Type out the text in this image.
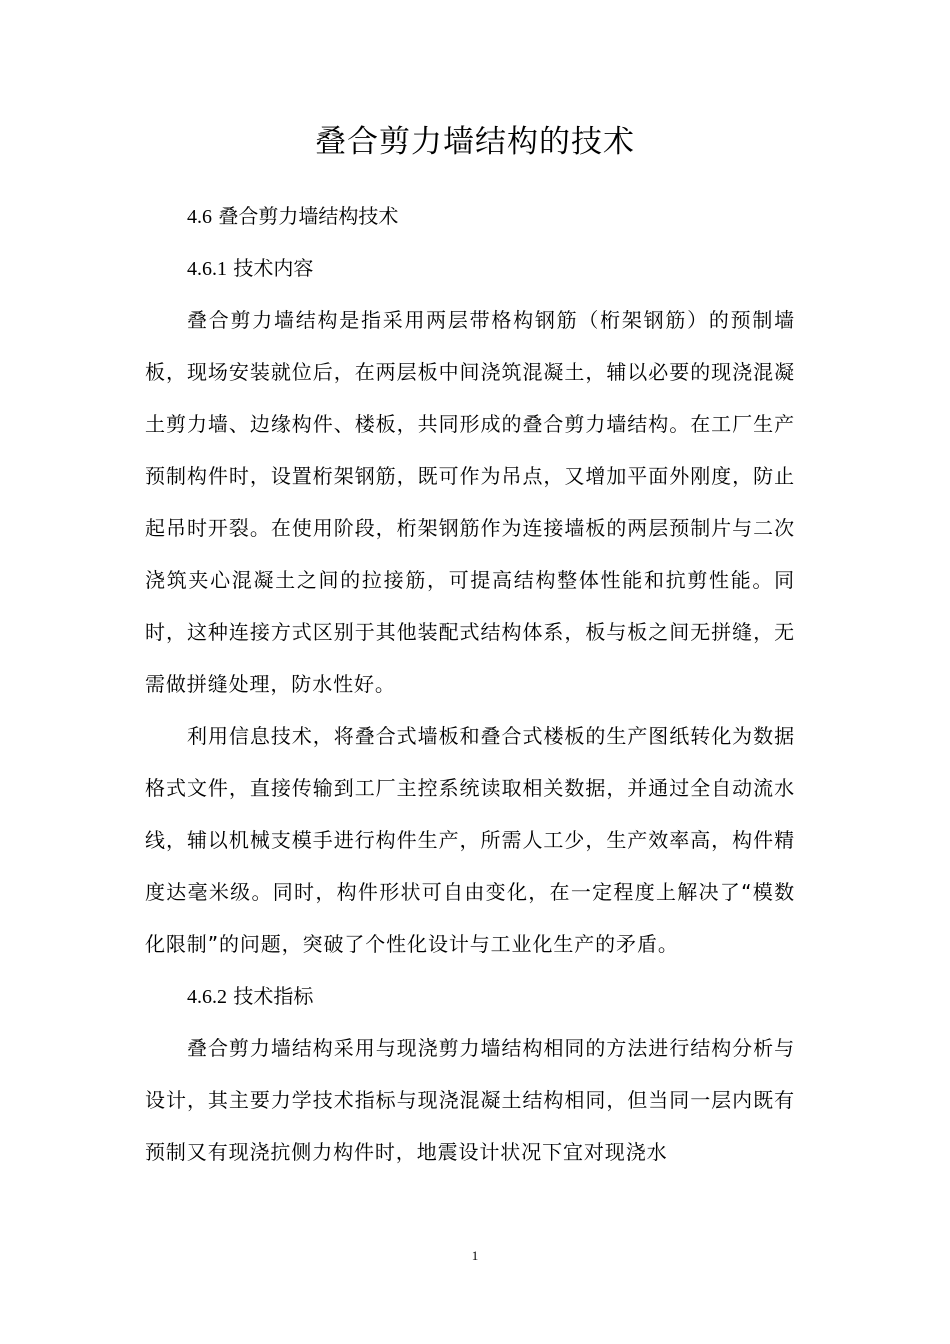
叠合剪力墙结构的技术

4.6 叠合剪力墙结构技术

4.6.1 技术内容

叠合剪力墙结构是指采用两层带格构钢筋（桁架钢筋）的预制墙板，现场安装就位后，在两层板中间浇筑混凝土，辅以必要的现浇混凝土剪力墙、边缘构件、楼板，共同形成的叠合剪力墙结构。在工厂生产预制构件时，设置桁架钢筋，既可作为吊点，又增加平面外刚度，防止起吊时开裂。在使用阶段，桁架钢筋作为连接墙板的两层预制片与二次浇筑夹心混凝土之间的拉接筋，可提高结构整体性能和抗剪性能。同时，这种连接方式区别于其他装配式结构体系，板与板之间无拼缝，无需做拼缝处理，防水性好。

利用信息技术，将叠合式墙板和叠合式楼板的生产图纸转化为数据格式文件，直接传输到工厂主控系统读取相关数据，并通过全自动流水线，辅以机械支模手进行构件生产，所需人工少，生产效率高，构件精度达毫米级。同时，构件形状可自由变化，在一定程度上解决了“模数化限制”的问题，突破了个性化设计与工业化生产的矛盾。

4.6.2 技术指标

叠合剪力墙结构采用与现浇剪力墙结构相同的方法进行结构分析与设计，其主要力学技术指标与现浇混凝土结构相同，但当同一层内既有预制又有现浇抗侧力构件时，地震设计状况下宜对现浇水

1
